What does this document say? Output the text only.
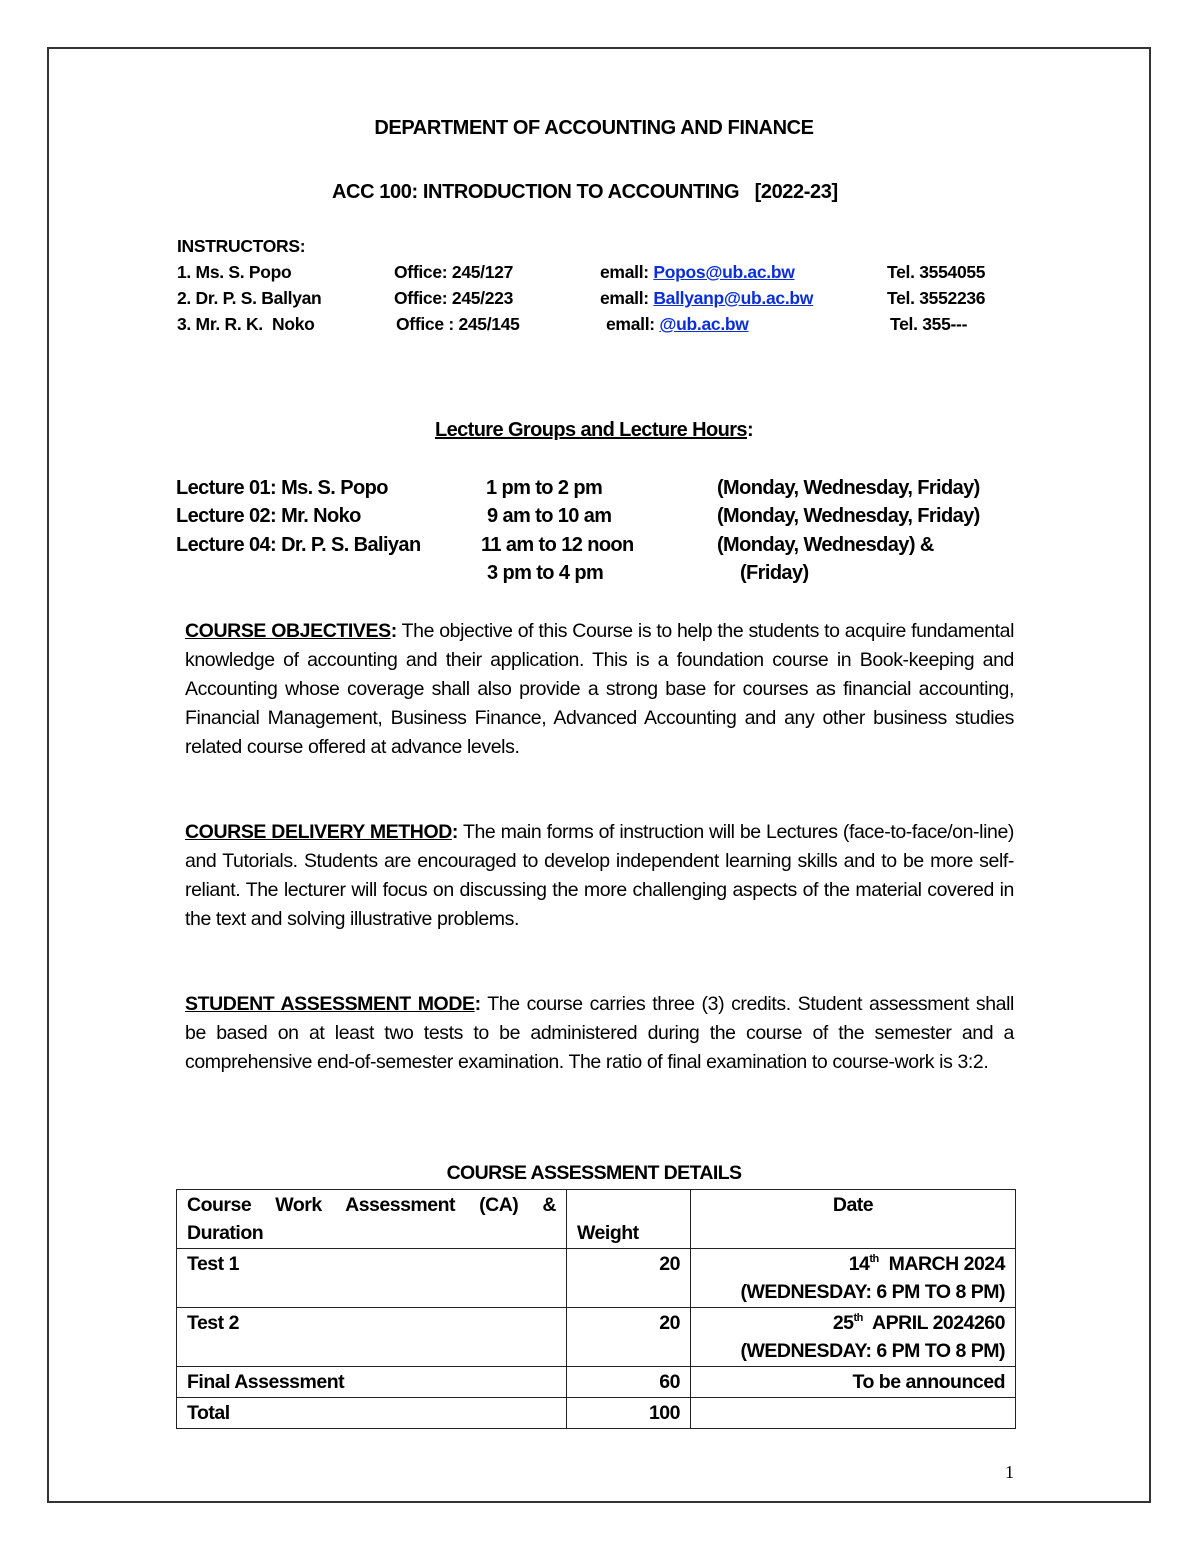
DEPARTMENT OF ACCOUNTING AND FINANCE
ACC 100: INTRODUCTION TO ACCOUNTING   [2022-23]
INSTRUCTORS:
1. Ms. S. Popo	Office: 245/127	emall: Popos@ub.ac.bw	Tel. 3554055
2. Dr. P. S. Ballyan	Office: 245/223	emall: Ballyanp@ub.ac.bw	Tel. 3552236
3. Mr. R. K.  Noko	Office : 245/145	emall: @ub.ac.bw	Tel. 355---
Lecture Groups and Lecture Hours:
Lecture 01: Ms. S. Popo	1 pm to 2 pm	(Monday, Wednesday, Friday)
Lecture 02: Mr. Noko	9 am to 10 am	(Monday, Wednesday, Friday)
Lecture 04: Dr. P. S. Baliyan	11 am to 12 noon	(Monday, Wednesday) &
3 pm to 4 pm	(Friday)
COURSE OBJECTIVES: The objective of this Course is to help the students to acquire fundamental knowledge of accounting and their application. This is a foundation course in Book-keeping and Accounting whose coverage shall also provide a strong base for courses as financial accounting, Financial Management, Business Finance, Advanced Accounting and any other business studies related course offered at advance levels.
COURSE DELIVERY METHOD: The main forms of instruction will be Lectures (face-to-face/on-line) and Tutorials. Students are encouraged to develop independent learning skills and to be more self-reliant. The lecturer will focus on discussing the more challenging aspects of the material covered in the text and solving illustrative problems.
STUDENT ASSESSMENT MODE: The course carries three (3) credits. Student assessment shall be based on at least two tests to be administered during the course of the semester and a comprehensive end-of-semester examination. The ratio of final examination to course-work is 3:2.
COURSE ASSESSMENT DETAILS
Course Work Assessment (CA) & Duration	Weight	Date
Test 1	20	14th  MARCH 2024
(WEDNESDAY: 6 PM TO 8 PM)

Test 2	20	25th  APRIL 2024260
(WEDNESDAY: 6 PM TO 8 PM)

Final Assessment	60	To be announced
Total	100	
1
